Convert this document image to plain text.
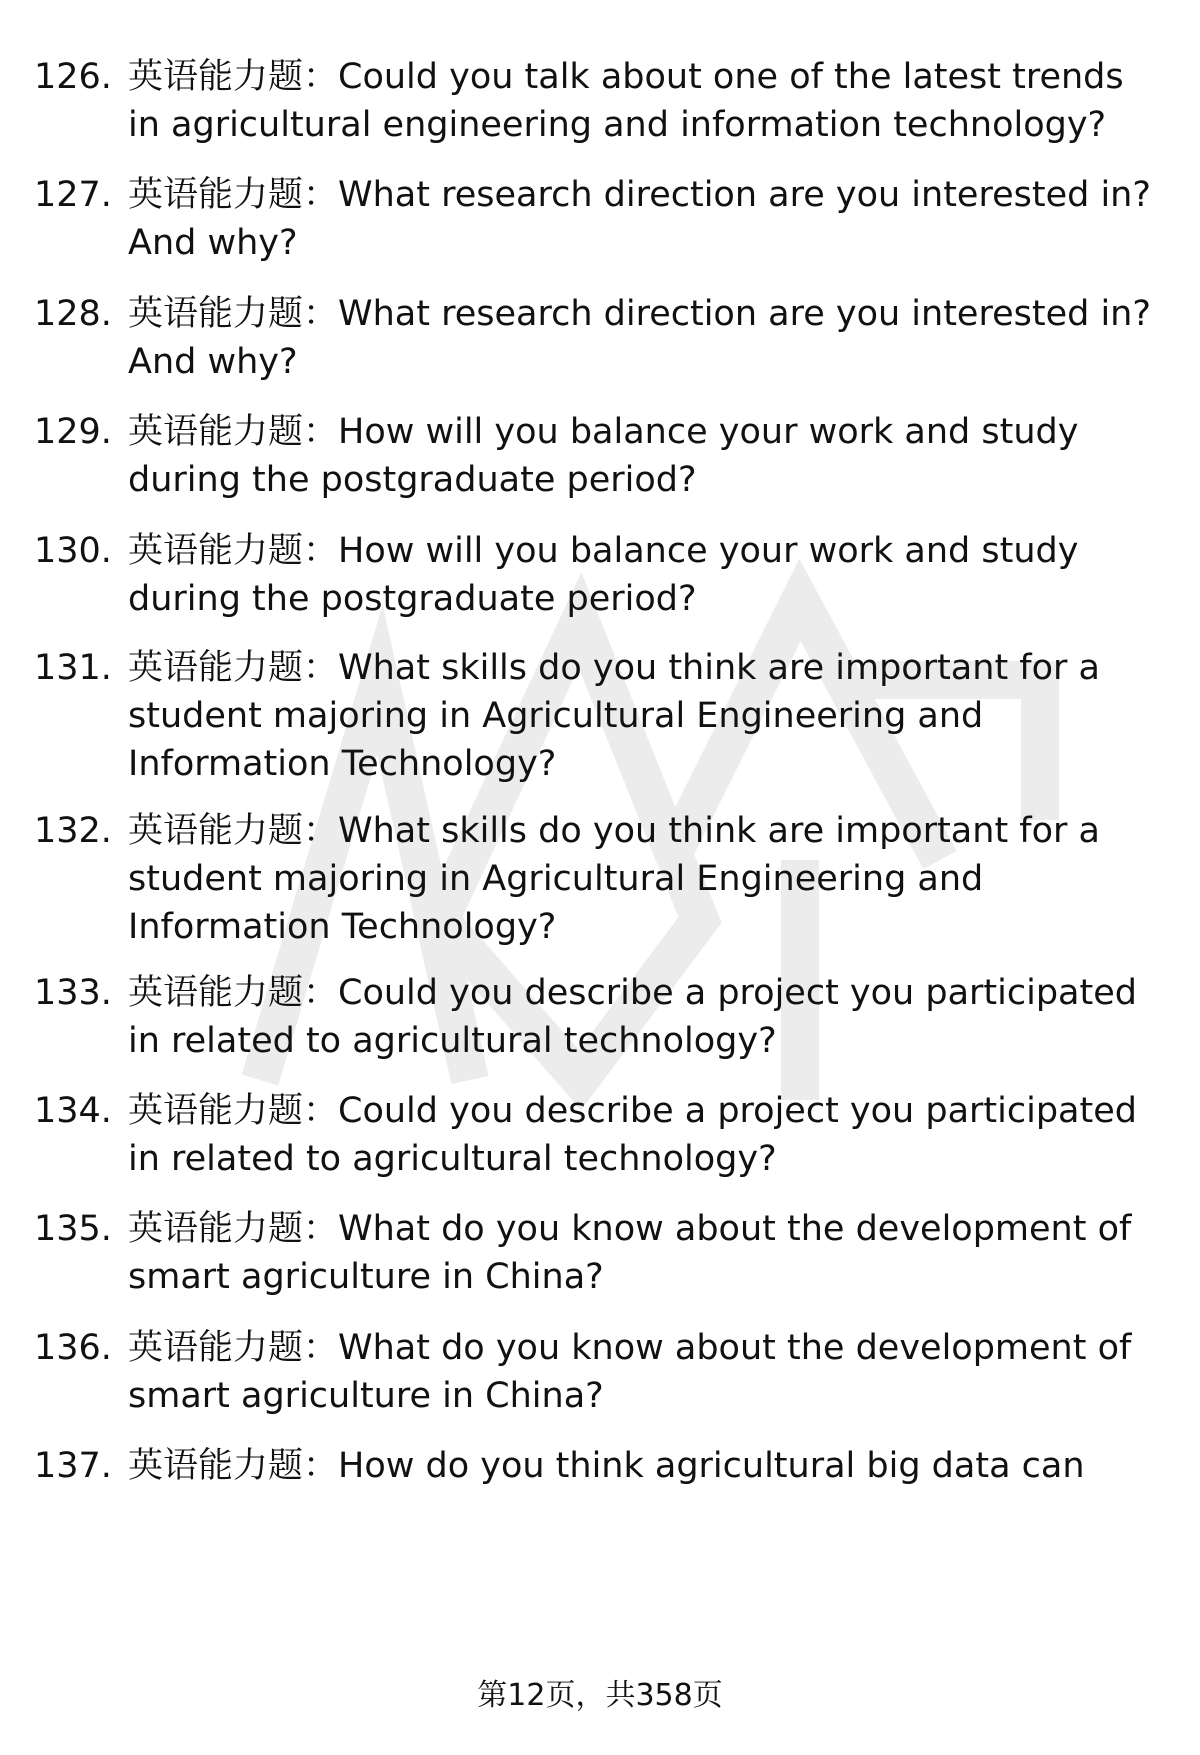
126. 英语能力题：Could you talk about one of the latest trends
in agricultural engineering and information technology?
127. 英语能力题：What research direction are you interested in?
And why?
128. 英语能力题：What research direction are you interested in?
And why?
129. 英语能力题：How will you balance your work and study
during the postgraduate period?
130. 英语能力题：How will you balance your work and study
during the postgraduate period?
131. 英语能力题：What skills do you think are important for a
student majoring in Agricultural Engineering and
Information Technology?
132. 英语能力题：What skills do you think are important for a
student majoring in Agricultural Engineering and
Information Technology?
133. 英语能力题：Could you describe a project you participated
in related to agricultural technology?
134. 英语能力题：Could you describe a project you participated
in related to agricultural technology?
135. 英语能力题：What do you know about the development of
smart agriculture in China?
136. 英语能力题：What do you know about the development of
smart agriculture in China?
137. 英语能力题：How do you think agricultural big data can
第12页，共358页
